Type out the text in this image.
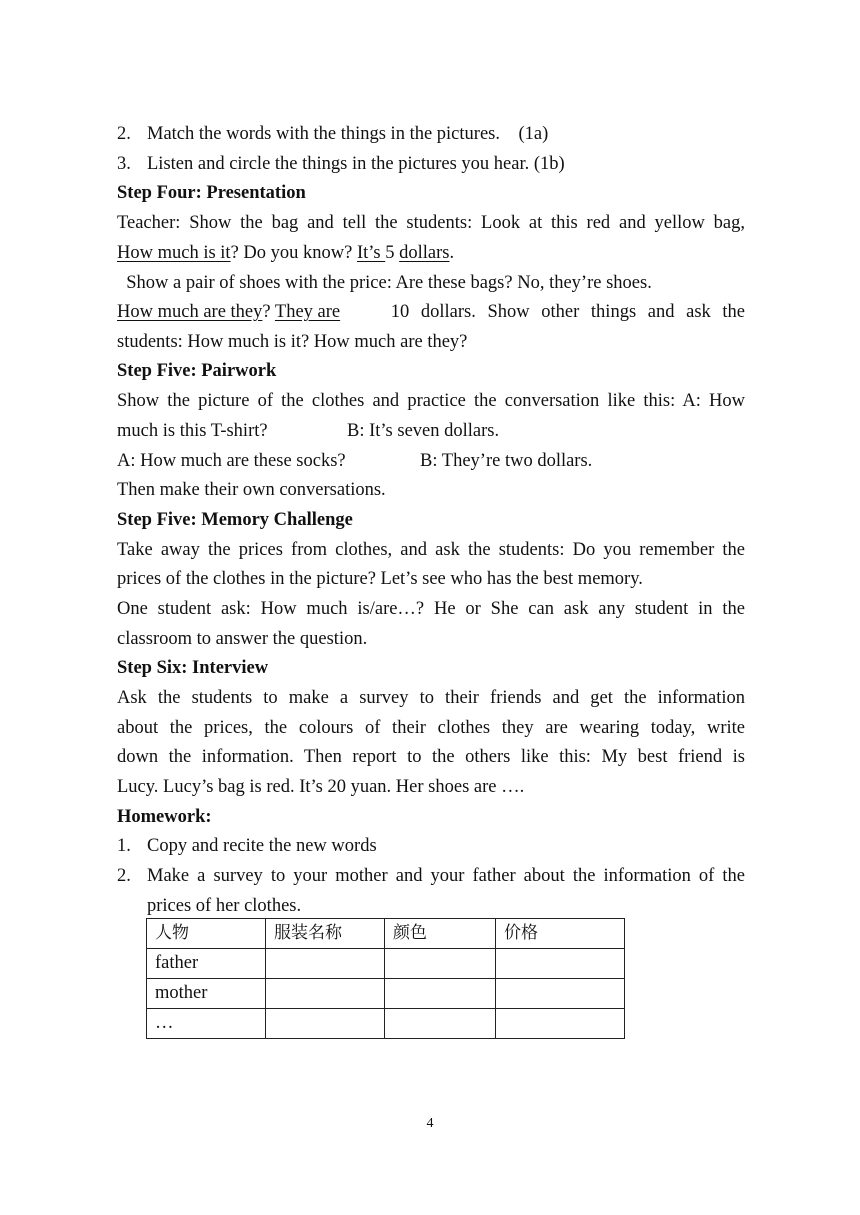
2. Match the words with the things in the pictures.    (1a)
3. Listen and circle the things in the pictures you hear. (1b)
Step Four: Presentation
Teacher: Show the bag and tell the students: Look at this red and yellow bag,
How much is it? Do you know? It’s 5 dollars.
Show a pair of shoes with the price: Are these bags? No, they’re shoes.
How much are they? They are	10 dollars. Show other things and ask the
students: How much is it? How much are they?
Step Five: Pairwork
Show the picture of the clothes and practice the conversation like this: A: How
much is this T-shirt?	B: It’s seven dollars.
A: How much are these socks?	B: They’re two dollars.
Then make their own conversations.
Step Five: Memory Challenge
Take away the prices from clothes, and ask the students: Do you remember the
prices of the clothes in the picture? Let’s see who has the best memory.
One student ask: How much is/are…? He or She can ask any student in the
classroom to answer the question.
Step Six: Interview
Ask the students to make a survey to their friends and get the information
about the prices, the colours of their clothes they are wearing today, write
down the information. Then report to the others like this: My best friend is
Lucy. Lucy’s bag is red. It’s 20 yuan. Her shoes are ….
Homework:
1. Copy and recite the new words
2. Make a survey to your mother and your father about the information of the
prices of her clothes.
人物	服装名称	颜色	价格
father			
mother			
…			
4
